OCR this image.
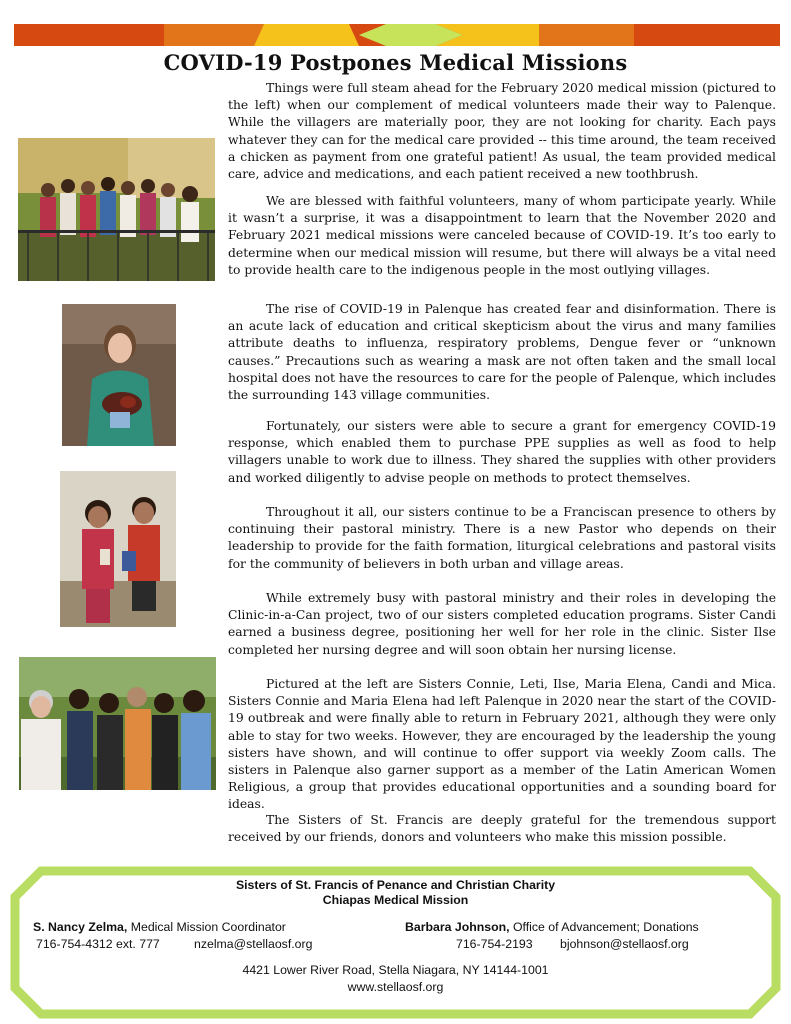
COVID-19 Postpones Medical Missions

Things were full steam ahead for the February 2020 medical mission (pictured to the left) when our complement of medical volunteers made their way to Palenque. While the villagers are materially poor, they are not looking for charity. Each pays whatever they can for the medical care provided -- this time around, the team received a chicken as payment from one grateful patient! As usual, the team provided medical care, advice and medications, and each patient received a new toothbrush.

We are blessed with faithful volunteers, many of whom participate yearly. While it wasn’t a surprise, it was a disappointment to learn that the November 2020 and February 2021 medical missions were canceled because of COVID-19. It’s too early to determine when our medical mission will resume, but there will always be a vital need to provide health care to the indigenous people in the most outlying villages.

The rise of COVID-19 in Palenque has created fear and disinformation. There is an acute lack of education and critical skepticism about the virus and many families attribute deaths to influenza, respiratory problems, Dengue fever or “unknown causes.” Precautions such as wearing a mask are not often taken and the small local hospital does not have the resources to care for the people of Palenque, which includes the surrounding 143 village communities.

Fortunately, our sisters were able to secure a grant for emergency COVID-19 response, which enabled them to purchase PPE supplies as well as food to help villagers unable to work due to illness. They shared the supplies with other providers and worked diligently to advise people on methods to protect themselves.

Throughout it all, our sisters continue to be a Franciscan presence to others by continuing their pastoral ministry. There is a new Pastor who depends on their leadership to provide for the faith formation, liturgical celebrations and pastoral visits for the community of believers in both urban and village areas.

While extremely busy with pastoral ministry and their roles in developing the Clinic-in-a-Can project, two of our sisters completed education programs. Sister Candi earned a business degree, positioning her well for her role in the clinic. Sister Ilse completed her nursing degree and will soon obtain her nursing license.

Pictured at the left are Sisters Connie, Leti, Ilse, Maria Elena, Candi and Mica. Sisters Connie and Maria Elena had left Palenque in 2020 near the start of the COVID-19 outbreak and were finally able to return in February 2021, although they were only able to stay for two weeks. However, they are encouraged by the leadership the young sisters have shown, and will continue to offer support via weekly Zoom calls. The sisters in Palenque also garner support as a member of the Latin American Women Religious, a group that provides educational opportunities and a sounding board for ideas.

The Sisters of St. Francis are deeply grateful for the tremendous support received by our friends, donors and volunteers who make this mission possible.

Sisters of St. Francis of Penance and Christian Charity
Chiapas Medical Mission
S. Nancy Zelma, Medical Mission Coordinator
716-754-4312 ext. 777	nzelma@stellaosf.org
Barbara Johnson, Office of Advancement; Donations
716-754-2193 bjohnson@stellaosf.org
4421 Lower River Road, Stella Niagara, NY 14144-1001
www.stellaosf.org
